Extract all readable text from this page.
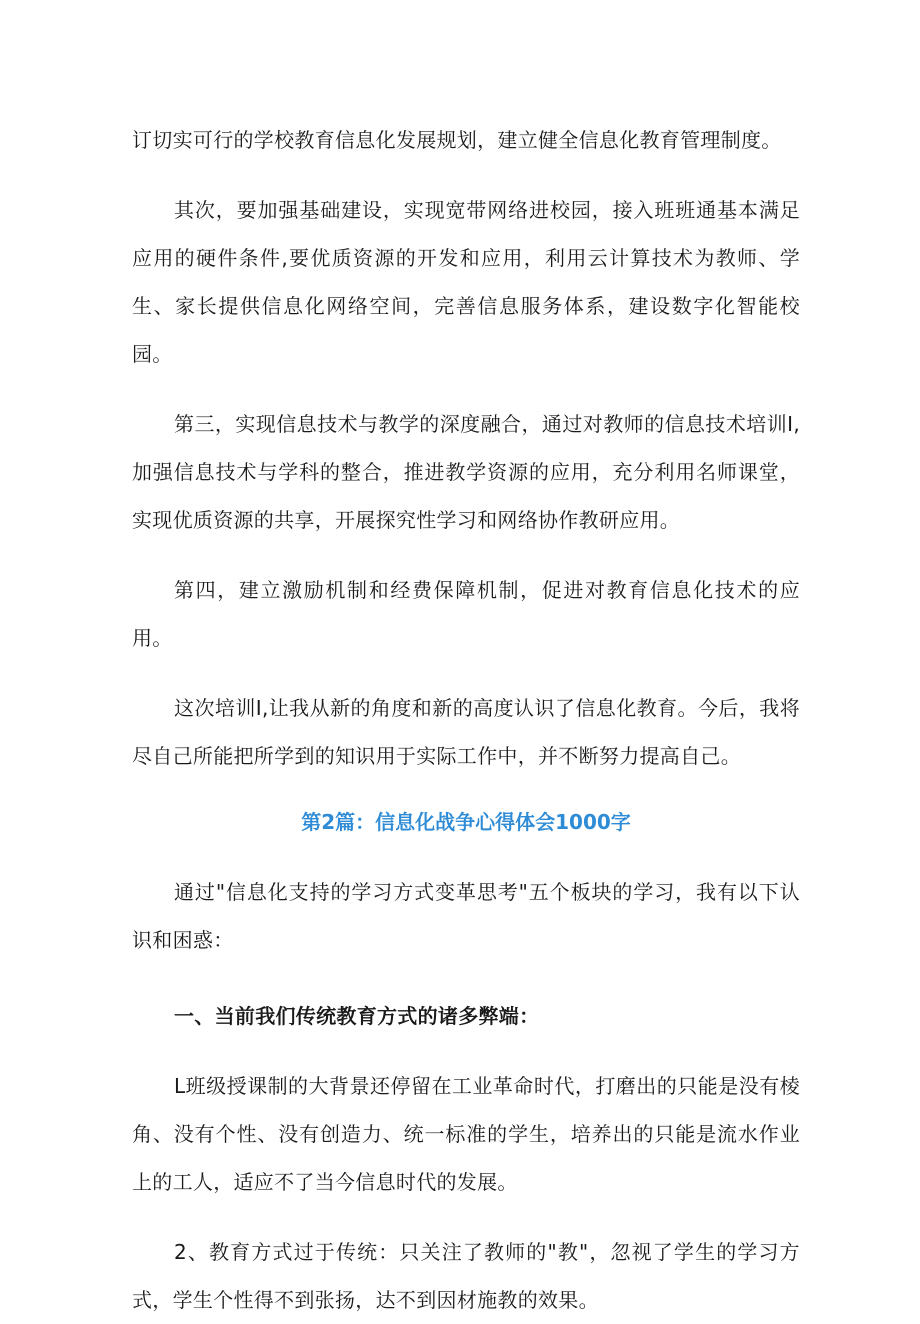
订切实可行的学校教育信息化发展规划，建立健全信息化教育管理制度。

其次，要加强基础建设，实现宽带网络进校园，接入班班通基本满足应用的硬件条件,要优质资源的开发和应用，利用云计算技术为教师、学生、家长提供信息化网络空间，完善信息服务体系，建设数字化智能校园。

第三，实现信息技术与教学的深度融合，通过对教师的信息技术培训I,加强信息技术与学科的整合，推进教学资源的应用，充分利用名师课堂，实现优质资源的共享，开展探究性学习和网络协作教研应用。

第四，建立激励机制和经费保障机制，促进对教育信息化技术的应用。

这次培训I,让我从新的角度和新的高度认识了信息化教育。今后，我将尽自己所能把所学到的知识用于实际工作中，并不断努力提高自己。

第2篇：信息化战争心得体会1000字

通过"信息化支持的学习方式变革思考"五个板块的学习，我有以下认识和困惑：

一、当前我们传统教育方式的诸多弊端：

L班级授课制的大背景还停留在工业革命时代，打磨出的只能是没有棱角、没有个性、没有创造力、统一标准的学生，培养出的只能是流水作业上的工人，适应不了当今信息时代的发展。

2、教育方式过于传统：只关注了教师的"教"，忽视了学生的学习方式，学生个性得不到张扬，达不到因材施教的效果。
